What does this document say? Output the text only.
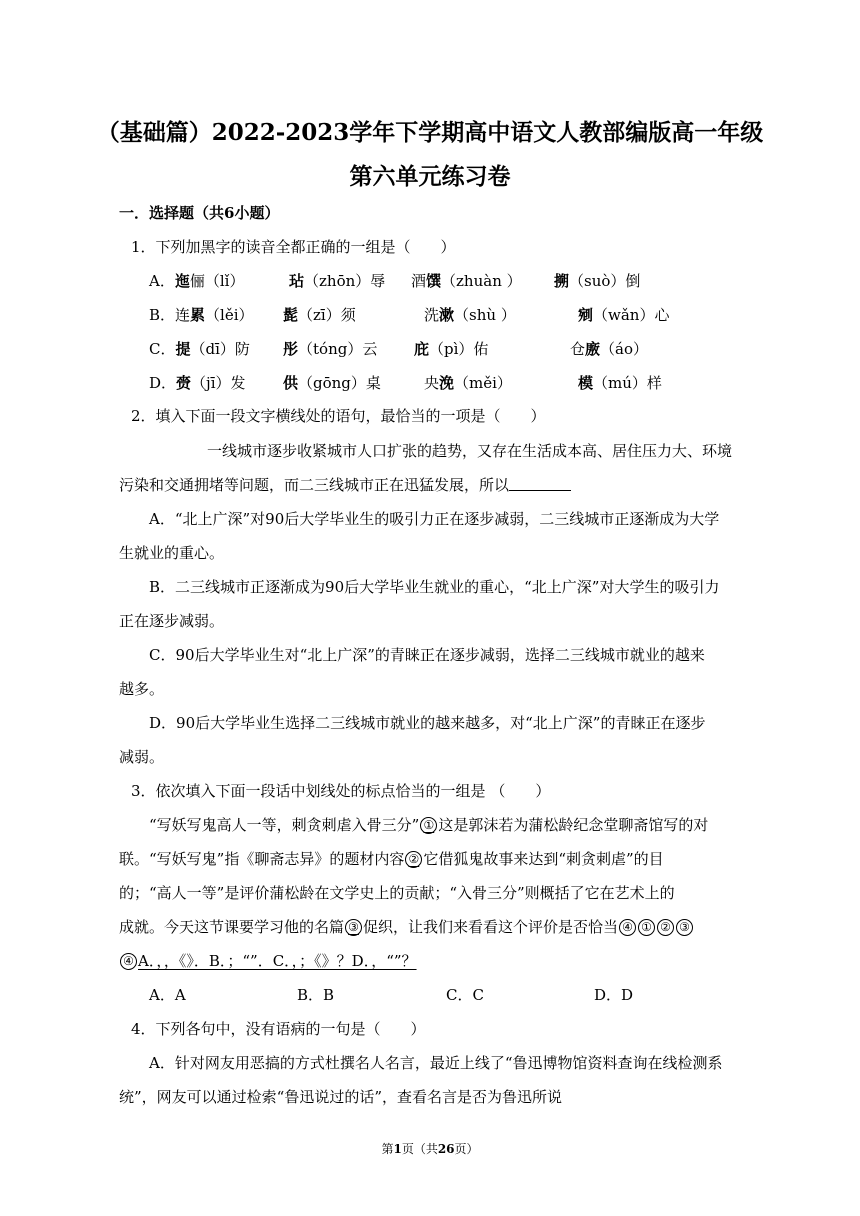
（基础篇）2022-2023学年下学期高中语文人教部编版高一年级
第六单元练习卷
一．选择题（共6小题）
1．下列加黑字的读音全都正确的一组是（　　）
A．迤俪（lǐ）	玷（zhōn）辱 酒馔（zhuàn ） 搠（suò）倒
B．连累（lěi） 髭（zī）须	洗漱（shù ）	剜（wǎn）心
C．提（dī）防 彤（tóng）云 庇（pì）佑	仓廒（áo）
D．赍（jī）发	供（gōng）桌	央浼（měi）	模（mú）样
2．填入下面一段文字横线处的语句，最恰当的一项是（　　）
一线城市逐步收紧城市人口扩张的趋势，又存在生活成本高、居住压力大、环境
污染和交通拥堵等问题，而二三线城市正在迅猛发展，所以
A．“北上广深”对90后大学毕业生的吸引力正在逐步减弱，二三线城市正逐渐成为大学
生就业的重心。
B．二三线城市正逐渐成为90后大学毕业生就业的重心，“北上广深”对大学生的吸引力
正在逐步减弱。
C．90后大学毕业生对“北上广深”的青睐正在逐步减弱，选择二三线城市就业的越来
越多。
D．90后大学毕业生选择二三线城市就业的越来越多，对“北上广深”的青睐正在逐步
减弱。
3．依次填入下面一段话中划线处的标点恰当的一组是 （　　）
“写妖写鬼高人一等，刺贪刺虐入骨三分” ① 这是郭沫若为蒲松龄纪念堂聊斋馆写的对
联。“写妖写鬼”指《聊斋志异》的题材内容 ② 它借狐鬼故事来达到“刺贪刺虐”的目
的；“高人一等”是评价蒲松龄在文学史上的贡献；“入骨三分”则概括了它在艺术上的
成就。今天这节课要学习他的名篇 ③ 促织，让我们来看看这个评价是否恰当 ④ ① ② ③
④ A．，，《》．B．；“”．C．，；《》？D．，“”？
A．A	B．B	C．C	D．D
4．下列各句中，没有语病的一句是（　　）
A．针对网友用恶搞的方式杜撰名人名言，最近上线了“鲁迅博物馆资料查询在线检测系
统”，网友可以通过检索“鲁迅说过的话”，查看名言是否为鲁迅所说
第1页（共26页）
